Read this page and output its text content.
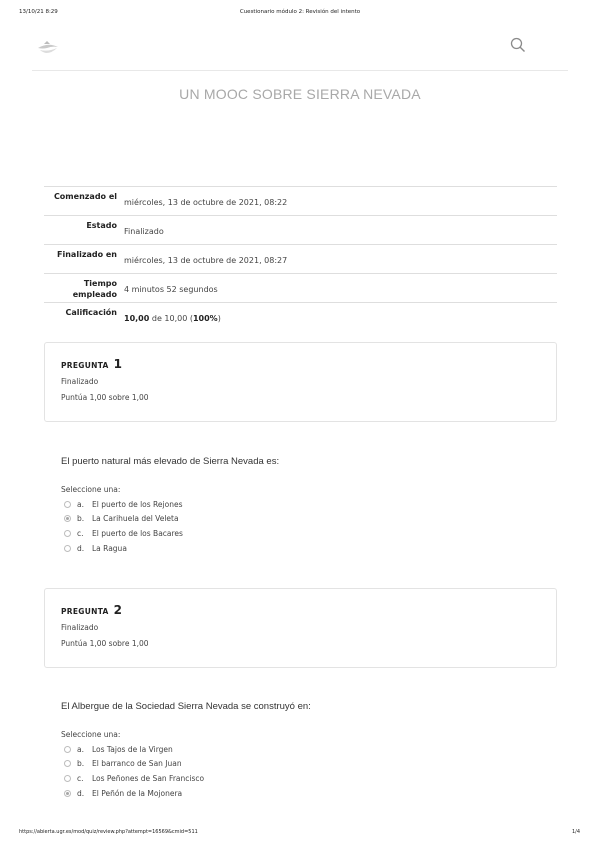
13/10/21 8:29	Cuestionario módulo 2: Revisión del intento
UN MOOC SOBRE SIERRA NEVADA
Comenzado el	miércoles, 13 de octubre de 2021, 08:22
Estado	Finalizado
Finalizado en	miércoles, 13 de octubre de 2021, 08:27
Tiempo empleado	4 minutos 52 segundos
Calificación	10,00 de 10,00 (100%)
PREGUNTA 1
Finalizado
Puntúa 1,00 sobre 1,00
El puerto natural más elevado de Sierra Nevada es:
Seleccione una:
a.	El puerto de los Rejones
b.	La Carihuela del Veleta
c.	El puerto de los Bacares
d.	La Ragua
PREGUNTA 2
Finalizado
Puntúa 1,00 sobre 1,00
El Albergue de la Sociedad Sierra Nevada se construyó en:
Seleccione una:
a.	Los Tajos de la Virgen
b.	El barranco de San Juan
c.	Los Peñones de San Francisco
d.	El Peñón de la Mojonera
https://abierta.ugr.es/mod/quiz/review.php?attempt=16569&cmid=511	1/4
